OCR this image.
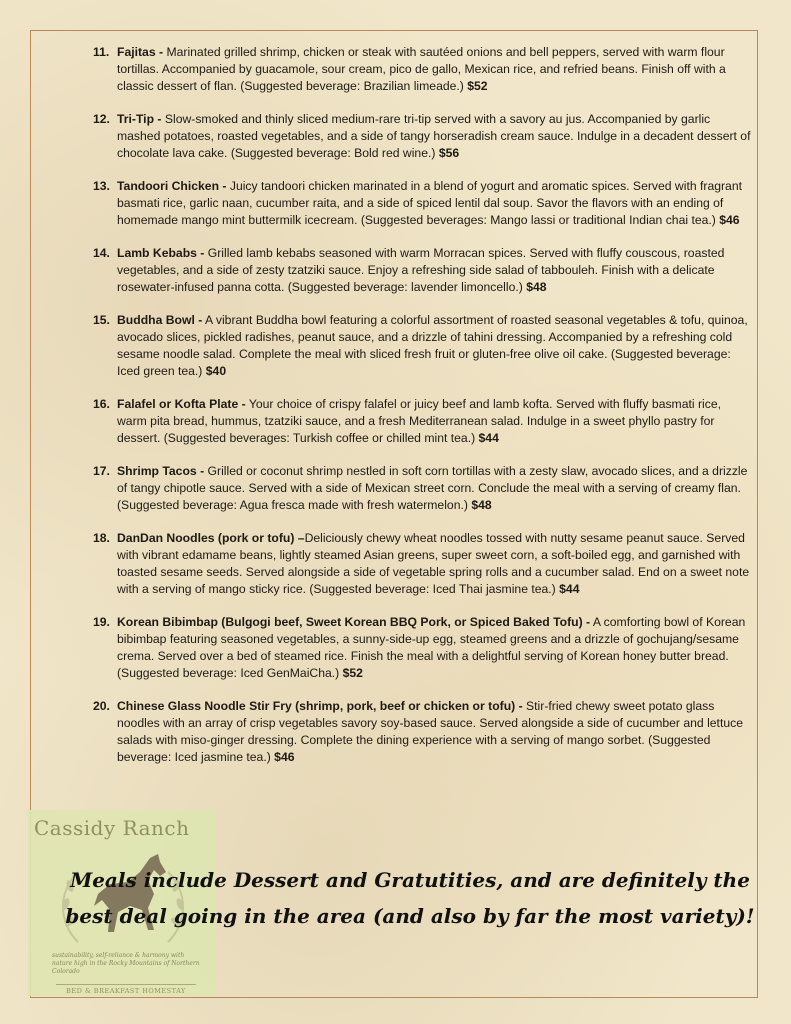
11. Fajitas - Marinated grilled shrimp, chicken or steak with sautéed onions and bell peppers, served with warm flour tortillas. Accompanied by guacamole, sour cream, pico de gallo, Mexican rice, and refried beans. Finish off with a classic dessert of flan. (Suggested beverage: Brazilian limeade.) $52
12. Tri-Tip - Slow-smoked and thinly sliced medium-rare tri-tip served with a savory au jus. Accompanied by garlic mashed potatoes, roasted vegetables, and a side of tangy horseradish cream sauce. Indulge in a decadent dessert of chocolate lava cake. (Suggested beverage: Bold red wine.) $56
13. Tandoori Chicken - Juicy tandoori chicken marinated in a blend of yogurt and aromatic spices. Served with fragrant basmati rice, garlic naan, cucumber raita, and a side of spiced lentil dal soup. Savor the flavors with an ending of homemade mango mint buttermilk icecream. (Suggested beverages: Mango lassi or traditional Indian chai tea.) $46
14. Lamb Kebabs - Grilled lamb kebabs seasoned with warm Morracan spices. Served with fluffy couscous, roasted vegetables, and a side of zesty tzatziki sauce. Enjoy a refreshing side salad of tabbouleh. Finish with a delicate rosewater-infused panna cotta. (Suggested beverage: lavender limoncello.) $48
15. Buddha Bowl - A vibrant Buddha bowl featuring a colorful assortment of roasted seasonal vegetables & tofu, quinoa, avocado slices, pickled radishes, peanut sauce, and a drizzle of tahini dressing. Accompanied by a refreshing cold sesame noodle salad. Complete the meal with sliced fresh fruit or gluten-free olive oil cake. (Suggested beverage: Iced green tea.) $40
16. Falafel or Kofta Plate - Your choice of crispy falafel or juicy beef and lamb kofta. Served with fluffy basmati rice, warm pita bread, hummus, tzatziki sauce, and a fresh Mediterranean salad. Indulge in a sweet phyllo pastry for dessert. (Suggested beverages: Turkish coffee or chilled mint tea.) $44
17. Shrimp Tacos - Grilled or coconut shrimp nestled in soft corn tortillas with a zesty slaw, avocado slices, and a drizzle of tangy chipotle sauce. Served with a side of Mexican street corn. Conclude the meal with a serving of creamy flan. (Suggested beverage: Agua fresca made with fresh watermelon.) $48
18. DanDan Noodles (pork or tofu) –Deliciously chewy wheat noodles tossed with nutty sesame peanut sauce. Served with vibrant edamame beans, lightly steamed Asian greens, super sweet corn, a soft-boiled egg, and garnished with toasted sesame seeds. Served alongside a side of vegetable spring rolls and a cucumber salad. End on a sweet note with a serving of mango sticky rice. (Suggested beverage: Iced Thai jasmine tea.) $44
19. Korean Bibimbap (Bulgogi beef, Sweet Korean BBQ Pork, or Spiced Baked Tofu) - A comforting bowl of Korean bibimbap featuring seasoned vegetables, a sunny-side-up egg, steamed greens and a drizzle of gochujang/sesame crema. Served over a bed of steamed rice. Finish the meal with a delightful serving of Korean honey butter bread. (Suggested beverage: Iced GenMaiCha.) $52
20. Chinese Glass Noodle Stir Fry (shrimp, pork, beef or chicken or tofu) - Stir-fried chewy sweet potato glass noodles with an array of crisp vegetables savory soy-based sauce. Served alongside a side of cucumber and lettuce salads with miso-ginger dressing. Complete the dining experience with a serving of mango sorbet. (Suggested beverage: Iced jasmine tea.) $46
Cassidy Ranch
sustainability, self-reliance & harmony with nature high in the Rocky Mountains of Northern Colorado
BED & BREAKFAST HOMESTAY
Meals include Dessert and Gratutities, and are definitely the best deal going in the area (and also by far the most variety)!
